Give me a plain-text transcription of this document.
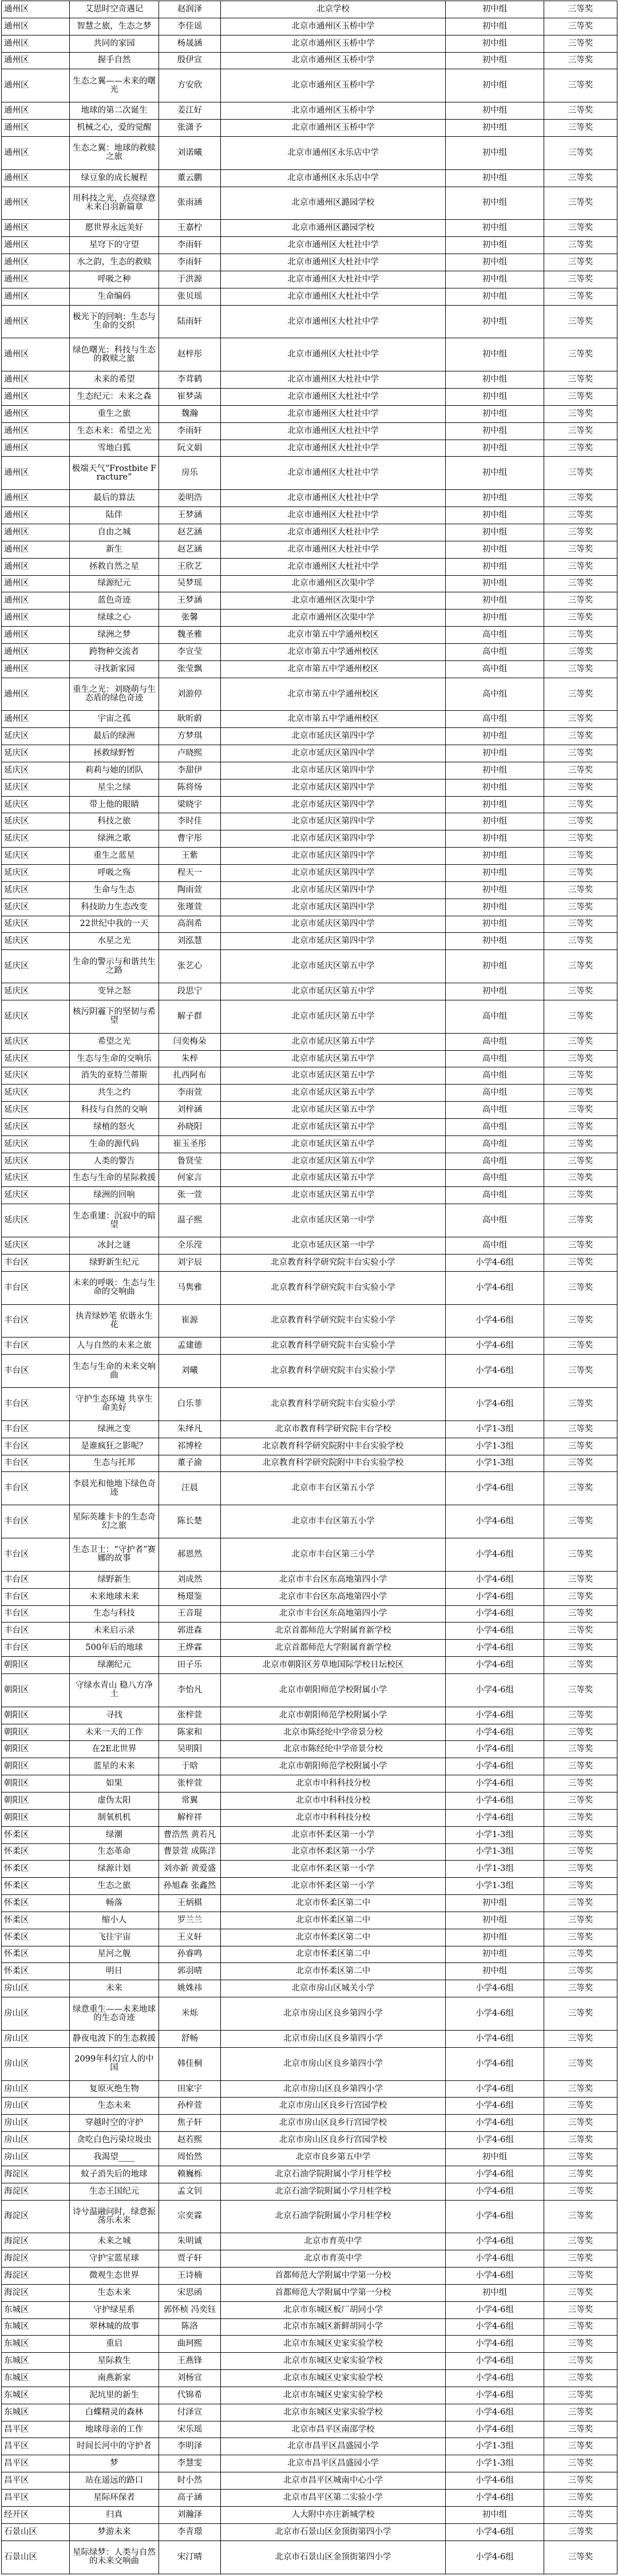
通州区	艾思时空奇遇记	赵润泽	北京学校	初中组	三等奖
通州区	智慧之旅，生态之梦	李佳谣	北京市通州区玉桥中学	初中组	三等奖
通州区	共同的家园	杨晟涵	北京市通州区玉桥中学	初中组	三等奖
通州区	握手自然	殷伊宣	北京市通州区玉桥中学	初中组	三等奖
通州区	生态之翼——未来的曙光	方安欣	北京市通州区玉桥中学	初中组	三等奖
通州区	地球的第二次诞生	姜江好	北京市通州区玉桥中学	初中组	三等奖
通州区	机械之心，爱的觉醒	张潇予	北京市通州区玉桥中学	初中组	三等奖
通州区	生态之翼：地球的救赎之旅	刘诺曦	北京市通州区永乐店中学	初中组	三等奖
通州区	绿豆象的成长履程	董云鹏	北京市通州区永乐店中学	初中组	三等奖
通州区	用科技之光，点亮绿意未来白羽新篇章	张雨涵	北京市通州区潞园学校	初中组	三等奖
通州区	愿世界永远美好	王嘉柠	北京市通州区潞园学校	初中组	三等奖
通州区	星穹下的守望	李雨轩	北京市通州区大杜社中学	初中组	三等奖
通州区	水之韵，生态的救赎	李雨轩	北京市通州区大杜社中学	初中组	三等奖
通州区	呼吸之种	于洪源	北京市通州区大杜社中学	初中组	三等奖
通州区	生命编码	张贝瑶	北京市通州区大杜社中学	初中组	三等奖
通州区	极光下的回响：生态与生命的交织	陆雨轩	北京市通州区大杜社中学	初中组	三等奖
通州区	绿色曙光：科技与生态的救赎之旅	赵梓彤	北京市通州区大杜社中学	初中组	三等奖
通州区	未来的希望	李茸鹤	北京市通州区大杜社中学	初中组	三等奖
通州区	生态纪元：未来之森	崔梦菡	北京市通州区大杜社中学	初中组	三等奖
通州区	重生之旅	魏瀚	北京市通州区大杜社中学	初中组	三等奖
通州区	生态未来：希望之光	李雨轩	北京市通州区大杜社中学	初中组	三等奖
通州区	雪地白狐	阮文娟	北京市通州区大杜社中学	初中组	三等奖
通州区	极端天气“Frostbite Fracture”	房乐	北京市通州区大杜社中学	初中组	三等奖
通州区	最后的算法	姜明浩	北京市通州区大杜社中学	初中组	三等奖
通州区	陆伴	王梦涵	北京市通州区大杜社中学	初中组	三等奖
通州区	自由之城	赵艺涵	北京市通州区大杜社中学	初中组	三等奖
通州区	新生	赵艺涵	北京市通州区大杜社中学	初中组	三等奖
通州区	拯救自然之星	王欣艺	北京市通州区大杜社中学	初中组	三等奖
通州区	绿源纪元	吴梦瑶	北京市通州区次渠中学	初中组	三等奖
通州区	蓝色奇迹	王梦涵	北京市通州区次渠中学	初中组	三等奖
通州区	绿球之心	张馨	北京市通州区次渠中学	初中组	三等奖
通州区	绿洲之梦	魏圣雅	北京市第五中学通州校区	高中组	三等奖
通州区	跨物种交流者	李宣莹	北京市第五中学通州校区	高中组	三等奖
通州区	寻找新家园	张莹飘	北京市第五中学通州校区	高中组	三等奖
通州区	重生之光：刘晓萌与生态盾的绿色奇迹	刘游停	北京市第五中学通州校区	高中组	三等奖
通州区	宇宙之孤	耿昕蔚	北京市第五中学通州校区	高中组	三等奖
延庆区	最后的绿洲	方梦琪	北京市延庆区第四中学	初中组	三等奖
延庆区	拯救绿野暂	卢晓熙	北京市延庆区第四中学	初中组	三等奖
延庆区	莉莉与她的团队	李甜伊	北京市延庆区第四中学	初中组	三等奖
延庆区	星尘之绿	陈将炀	北京市延庆区第四中学	初中组	三等奖
延庆区	带上他的眼睛	梁晓宇	北京市延庆区第四中学	初中组	三等奖
延庆区	科技之旅	李时佳	北京市延庆区第四中学	初中组	三等奖
延庆区	绿洲之歌	曹宇彤	北京市延庆区第四中学	初中组	三等奖
延庆区	重生之蓝星	王紫	北京市延庆区第四中学	初中组	三等奖
延庆区	呼吸之殇	程天一	北京市延庆区第四中学	初中组	三等奖
延庆区	生命与生态	陶雨萱	北京市延庆区第四中学	初中组	三等奖
延庆区	科技助力生态改变	张瑾萱	北京市延庆区第四中学	初中组	三等奖
延庆区	22世纪中我的一天	高润希	北京市延庆区第四中学	初中组	三等奖
延庆区	水星之光	刘泓慧	北京市延庆区第四中学	初中组	三等奖
延庆区	生命的警示与和谐共生之路	张艺心	北京市延庆区第五中学	初中组	三等奖
延庆区	变异之怒	段思宁	北京市延庆区第五中学	初中组	三等奖
延庆区	核污阴霾下的坚韧与希望	解子群	北京市延庆区第五中学	高中组	三等奖
延庆区	希望之光	闫奕梅朵	北京市延庆区第五中学	高中组	三等奖
延庆区	生态与生命的交响乐	朱梓	北京市延庆区第五中学	高中组	三等奖
延庆区	消失的亚特兰蒂斯	扎西阿布	北京市延庆区第五中学	高中组	三等奖
延庆区	共生之约	李雨萱	北京市延庆区第五中学	高中组	三等奖
延庆区	科技与自然的交响	刘梓涵	北京市延庆区第五中学	高中组	三等奖
延庆区	绿植的怒火	孙晓阳	北京市延庆区第五中学	高中组	三等奖
延庆区	生命的源代码	崔玉圣彤	北京市延庆区第五中学	高中组	三等奖
延庆区	人类的警告	鲁贤莹	北京市延庆区第五中学	高中组	三等奖
延庆区	生态与生命的星际救援	何家言	北京市延庆区第五中学	高中组	三等奖
延庆区	绿洲的回响	张一萱	北京市延庆区第五中学	高中组	三等奖
延庆区	生态重建：沉寂中的暗望	温子熙	北京市延庆区第一中学	高中组	三等奖
延庆区	冰封之谜	全乐滢	北京市延庆区第一中学	高中组	三等奖
丰台区	绿野新生纪元	刘宇辰	北京教育科学研究院丰台实验小学	小学4-6组	三等奖
丰台区	未来的呼吸：生态与生命的交响曲	马隽雅	北京教育科学研究院丰台实验小学	小学4-6组	三等奖
丰台区	执青绿妙笔 依谐永生花	崔源	北京教育科学研究院丰台实验小学	小学4-6组	三等奖
丰台区	人与自然的未来之旅	孟建德	北京教育科学研究院丰台实验小学	小学4-6组	三等奖
丰台区	生态与生命的未来交响曲	刘曦	北京教育科学研究院丰台实验小学	小学4-6组	三等奖
丰台区	守护生态环境 共享生命美好	白乐菲	北京教育科学研究院丰台实验小学	小学4-6组	三等奖
丰台区	绿洲之变	朱绎凡	北京市教育科学研究院丰台学校	小学1-3组	三等奖
丰台区	是谁疯狂之影呢？	祁博栓	北京教育科学研究院附中丰台实验学校	小学1-3组	三等奖
丰台区	生态与托邦	董子渝	北京教育科学研究院附中丰台实验学校	小学1-3组	三等奖
丰台区	李晨光和他地下绿色奇迹	汪晨	北京市丰台区第五小学	小学4-6组	三等奖
丰台区	星际英雄卡卡的生态奇幻之旅	陈长楚	北京市丰台区第五小学	小学4-6组	三等奖
丰台区	生态卫士：“守护者”赛娜的故事	郝恩然	北京市丰台区第三小学	小学4-6组	三等奖
丰台区	绿野新生	刘成然	北京市丰台区东高地第四小学	小学4-6组	三等奖
丰台区	未来地球未来	杨璟鉴	北京市丰台区东高地第四小学	小学4-6组	三等奖
丰台区	生态与科技	王音琨	北京市丰台区东高地第四小学	小学4-6组	三等奖
丰台区	未来启示录	郭进森	北京首都师范大学附属育新学校	小学4-6组	三等奖
丰台区	500年后的地球	王烨霖	北京首都师范大学附属育新学校	小学4-6组	三等奖
朝阳区	绿潮纪元	田子乐	北京市朝阳区芳草地国际学校日坛校区	小学4-6组	三等奖
朝阳区	守绿水青山 稳八方净土	李怡凡	北京市朝阳师范学校附属小学	小学4-6组	三等奖
朝阳区	寻找	张梓萱	北京市朝阳师范学校附属小学	小学4-6组	三等奖
朝阳区	未来一天的工作	陈家和	北京市陈经纶中学帝景分校	小学4-6组	三等奖
朝阳区	在2E北世界	吴明阳	北京市陈经纶中学帝景分校	小学4-6组	三等奖
朝阳区	蓝星的未来	于晗	北京市朝阳师范学校附属小学	小学4-6组	三等奖
朝阳区	如果	张梓萱	北京市中科科技分校	小学4-6组	三等奖
朝阳区	虚伪太阳	常翼	北京市中科科技分校	小学4-6组	三等奖
朝阳区	制氧机机	解梓祥	北京市中科科技分校	小学4-6组	三等奖
怀柔区	绿潮	曹浩然 黄若凡	北京市怀柔区第一小学	小学1-3组	三等奖
怀柔区	生态革命	曹景萱 成陈洋	北京市怀柔区第一小学	小学1-3组	三等奖
怀柔区	绿源计划	刘亦新 黄爱盛	北京市怀柔区第一小学	小学1-3组	三等奖
怀柔区	生态之旅	孙旭森 张鑫然	北京市怀柔区第一小学	小学1-3组	三等奖
怀柔区	畅落	王炳棋	北京市怀柔区第二中	初中组	三等奖
怀柔区	缩小人	罗兰兰	北京市怀柔区第二中	初中组	三等奖
怀柔区	飞往宇宙	王义轩	北京市怀柔区第二中	初中组	三等奖
怀柔区	星河之舰	孙睿鸣	北京市怀柔区第二中	初中组	三等奖
怀柔区	明日	郭羽晴	北京市怀柔区第二中	初中组	三等奖
房山区	未来	姚姝祎	北京市房山区城关小学	小学4-6组	三等奖
房山区	绿意重生——未来地球的生态奇迹	米烁	北京市房山区良乡第四小学	小学4-6组	三等奖
房山区	静夜电波下的生态救援	舒畅	北京市房山区良乡第四小学	小学4-6组	三等奖
房山区	2099年科幻宜人的中国	韩佳桐	北京市房山区良乡第四小学	小学4-6组	三等奖
房山区	复原灭绝生物	田家宇	北京市房山区良乡第四小学	小学4-6组	三等奖
房山区	生态未来	孙梓萱	北京市房山区良乡行宫园学校	小学4-6组	三等奖
房山区	穿越时空的守护	焦子轩	北京市房山区良乡行宫园学校	小学4-6组	三等奖
房山区	贪吃白色污染垃圾虫	赵若熙	北京市房山区良乡行宫园学校	小学4-6组	三等奖
房山区	我渴望____	周怡然	北京市良乡第五中学	初中组	三等奖
海淀区	蚊子消失后的地球	赖巍栎	北京石油学院附属小学月桂学校	小学4-6组	三等奖
海淀区	生态王国纪元	孟文钊	北京石油学院附属小学月桂学校	小学4-6组	三等奖
海淀区	诗兮温融问时，绿意振荡乐未来	宗奕霖	北京石油学院附属小学月桂学校	小学4-6组	三等奖
海淀区	未来之城	朱明诚	北京市育英中学	小学4-6组	三等奖
海淀区	守护宝蓝星球	贾子轩	北京市育英中学	小学4-6组	三等奖
海淀区	微观生态世界	王诗楠	首都师范大学附属中学第一分校	小学4-6组	三等奖
海淀区	生态未来	宋思函	首都师范大学附属中学第一分校	初中组	三等奖
东城区	守护绿星系	郭怀桢 冯奕钰	北京市东城区板厂胡同小学	小学4-6组	三等奖
东城区	翠林城的故事	陈洛	北京市东城区新鲜胡同小学	小学4-6组	三等奖
东城区	重启	曲珂熙	北京市东城区史家实验学校	小学4-6组	三等奖
东城区	星际救生	王燕锋	北京市东城区史家实验学校	小学4-6组	三等奖
东城区	南燕新家	刘杨宣	北京市东城区史家实验学校	小学4-6组	三等奖
东城区	泥坑里的新生	代锦希	北京市东城区史家实验学校	小学4-6组	三等奖
东城区	白蝶精灵的森林	付泽宣	北京市东城区史家实验学校	小学4-6组	三等奖
昌平区	地球母亲的工作	宋乐瑶	北京市昌平区南邵学校	小学4-6组	三等奖
昌平区	时间长河中的守护者	李明泽	北京市昌平区昌盛园小学	小学1-3组	三等奖
昌平区	梦	李慧雯	北京市昌平区昌盛园小学	小学1-3组	三等奖
昌平区	站在遥远的路口	时小然	北京市昌平区城南中心小学	小学4-6组	三等奖
昌平区	星际环保者	高子涵	北京市昌平区第二实验小学	小学4-6组	三等奖
经开区	归真	刘瀚泽	人大附中亦庄新城学校	初中组	三等奖
石景山区	梦游未来	李青璟	北京市石景山区金顶街第四小学	小学4-6组	三等奖
石景山区	星际绿梦：人类与自然的未来交响曲	宋汀晴	北京市石景山区金顶街第四小学	小学4-6组	三等奖
